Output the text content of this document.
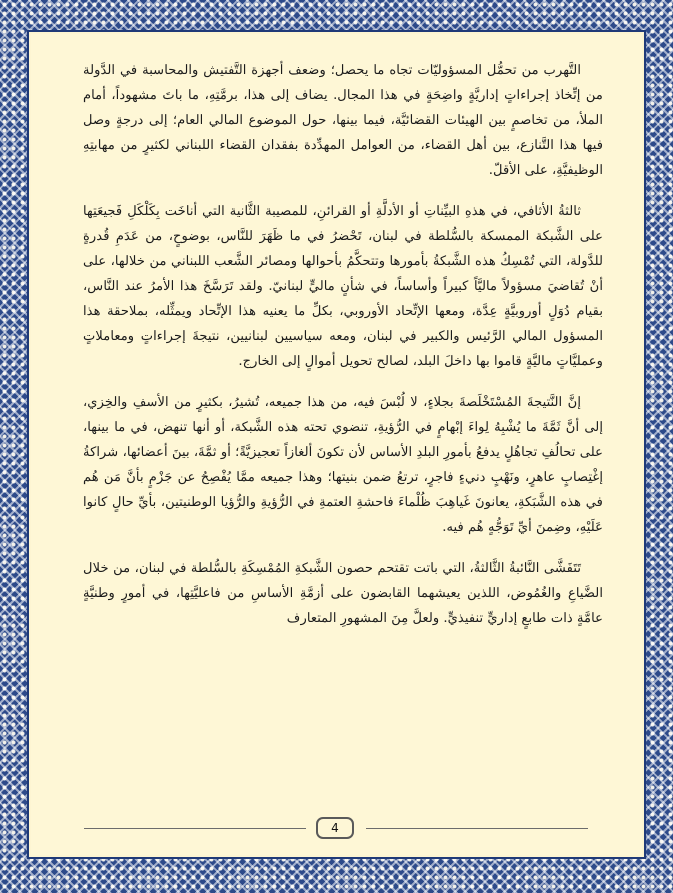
التَّهرب من تحمُّل المسؤوليّات تجاه ما يحصل؛ وضعف أجهزة التَّفتيش والمحاسبة في الدَّولة من إتِّخاذ إجراءاتٍ إداريَّةٍ واضِحَةٍ في هذا المجال. يضاف إلى هذا، برمَّتِهِ، ما باتَ مشهوداً، أمام الملأ، من تخاصمٍ بين الهيئات القضائيَّة، فيما بينها، حول الموضوع المالي العام؛ إلى درجةٍ وصل فيها هذا التَّنازع، بين أهل القضاء، من العوامل المهدِّدة بفقدان القضاء اللبناني لكثيرٍ من مهابتِهِ الوظيفيَّةِ، على الأقلّ.

ثالثةُ الأثافي، في هذهِ البيِّناتِ أو الأدلَّةِ أو القرائنِ، للمصيبة الثَّانية التي أناخَت بِكَلْكَلِ فَجيعَتِها على الشَّبكة الممسكة بالسُّلطة في لبنان، تَحْضرُ في ما ظَهَرَ للنَّاس، بوضوحٍ، من عَدَمِ قُدرةٍ للدَّولة، التي تُمْسِكُ هذه الشَّبكةُ بأمورها وتتحكَّمُ بأحوالها ومصائر الشَّعب اللبناني من خلالها، على أنْ تُقاضيَ مسؤولاً ماليَّاً كبيراً وأساساً، في شأنٍ ماليٍّ لبنانيّ. ولقد تَرَسَّخَ هذا الأمرُ عند النَّاس، بقيام دُوَلٍ أوروبيَّةٍ عِدَّة، ومعها الإتِّحاد الأوروبي، بكلِّ ما يعنيه هذا الإتِّحاد ويمثِّله، بملاحقة هذا المسؤول المالي الرَّئيس والكبير في لبنان، ومعه سياسيين لبنانيين، نتيجةَ إجراءاتٍ ومعاملاتٍ وعمليَّاتٍ ماليَّةٍ قاموا بها داخلَ البلد، لصالح تحويل أموالٍ إلى الخارج.

إنَّ النَّتيجةَ المُسْتَخْلَصةَ بجلاءٍ، لا لُبْسَ فيه، من هذا جميعه، تُشيرُ، بكثيرٍ من الأسفِ والخِزي، إلى أنَّ ثَمَّةَ ما يُشْبِهُ لِواءَ إبْهامٍ في الرُّؤيةِ، تنضوي تحته هذه الشَّبكة، أو أنها تنهض، في ما بينها، على تحالُفِ تجاهُلٍ يدفعُ بأمورِ البلدِ الأساس لأن تكونَ ألغازاً تعجيزيَّةً؛ أو ثمَّةَ، بينَ أعضائها، شراكةُ إغْتِصابٍ عاهرٍ، ونَهْبٍ دنيءٍ فاجرٍ، ترتعُ ضمن بنيتها؛ وهذا جميعه ممَّا يُفْصِحُ عن جَزْمٍ بأنَّ مَن هُم في هذه الشَّبَكةِ، يعانونَ غَياهِبَ ظُلْماءَ فاحشةِ العتمةِ في الرُّؤيةِ والرُّؤيا الوطنيتين، بأيِّ حالٍ كانوا عَلَيْهِ، وضِمنَ أيِّ تَوَجُّهٍ هُم فيه.

تَتَفَشَّى النَّائبةُ الثَّالثةُ، التي باتت تقتحم حصون الشَّبكةِ المُمْسِكَةِ بالسُّلطة في لبنان، من خلال الضَّياعِ والغُمُوض، اللذين يعيشهما القابضون على أزمَّةِ الأساسِ من فاعليَّتِها، في أمورٍ وطنيَّةٍ عامَّةٍ ذات طابعٍ إداريٍّ تنفيذيٍّ. ولعلَّ مِنَ المشهورِ المتعارف

4
